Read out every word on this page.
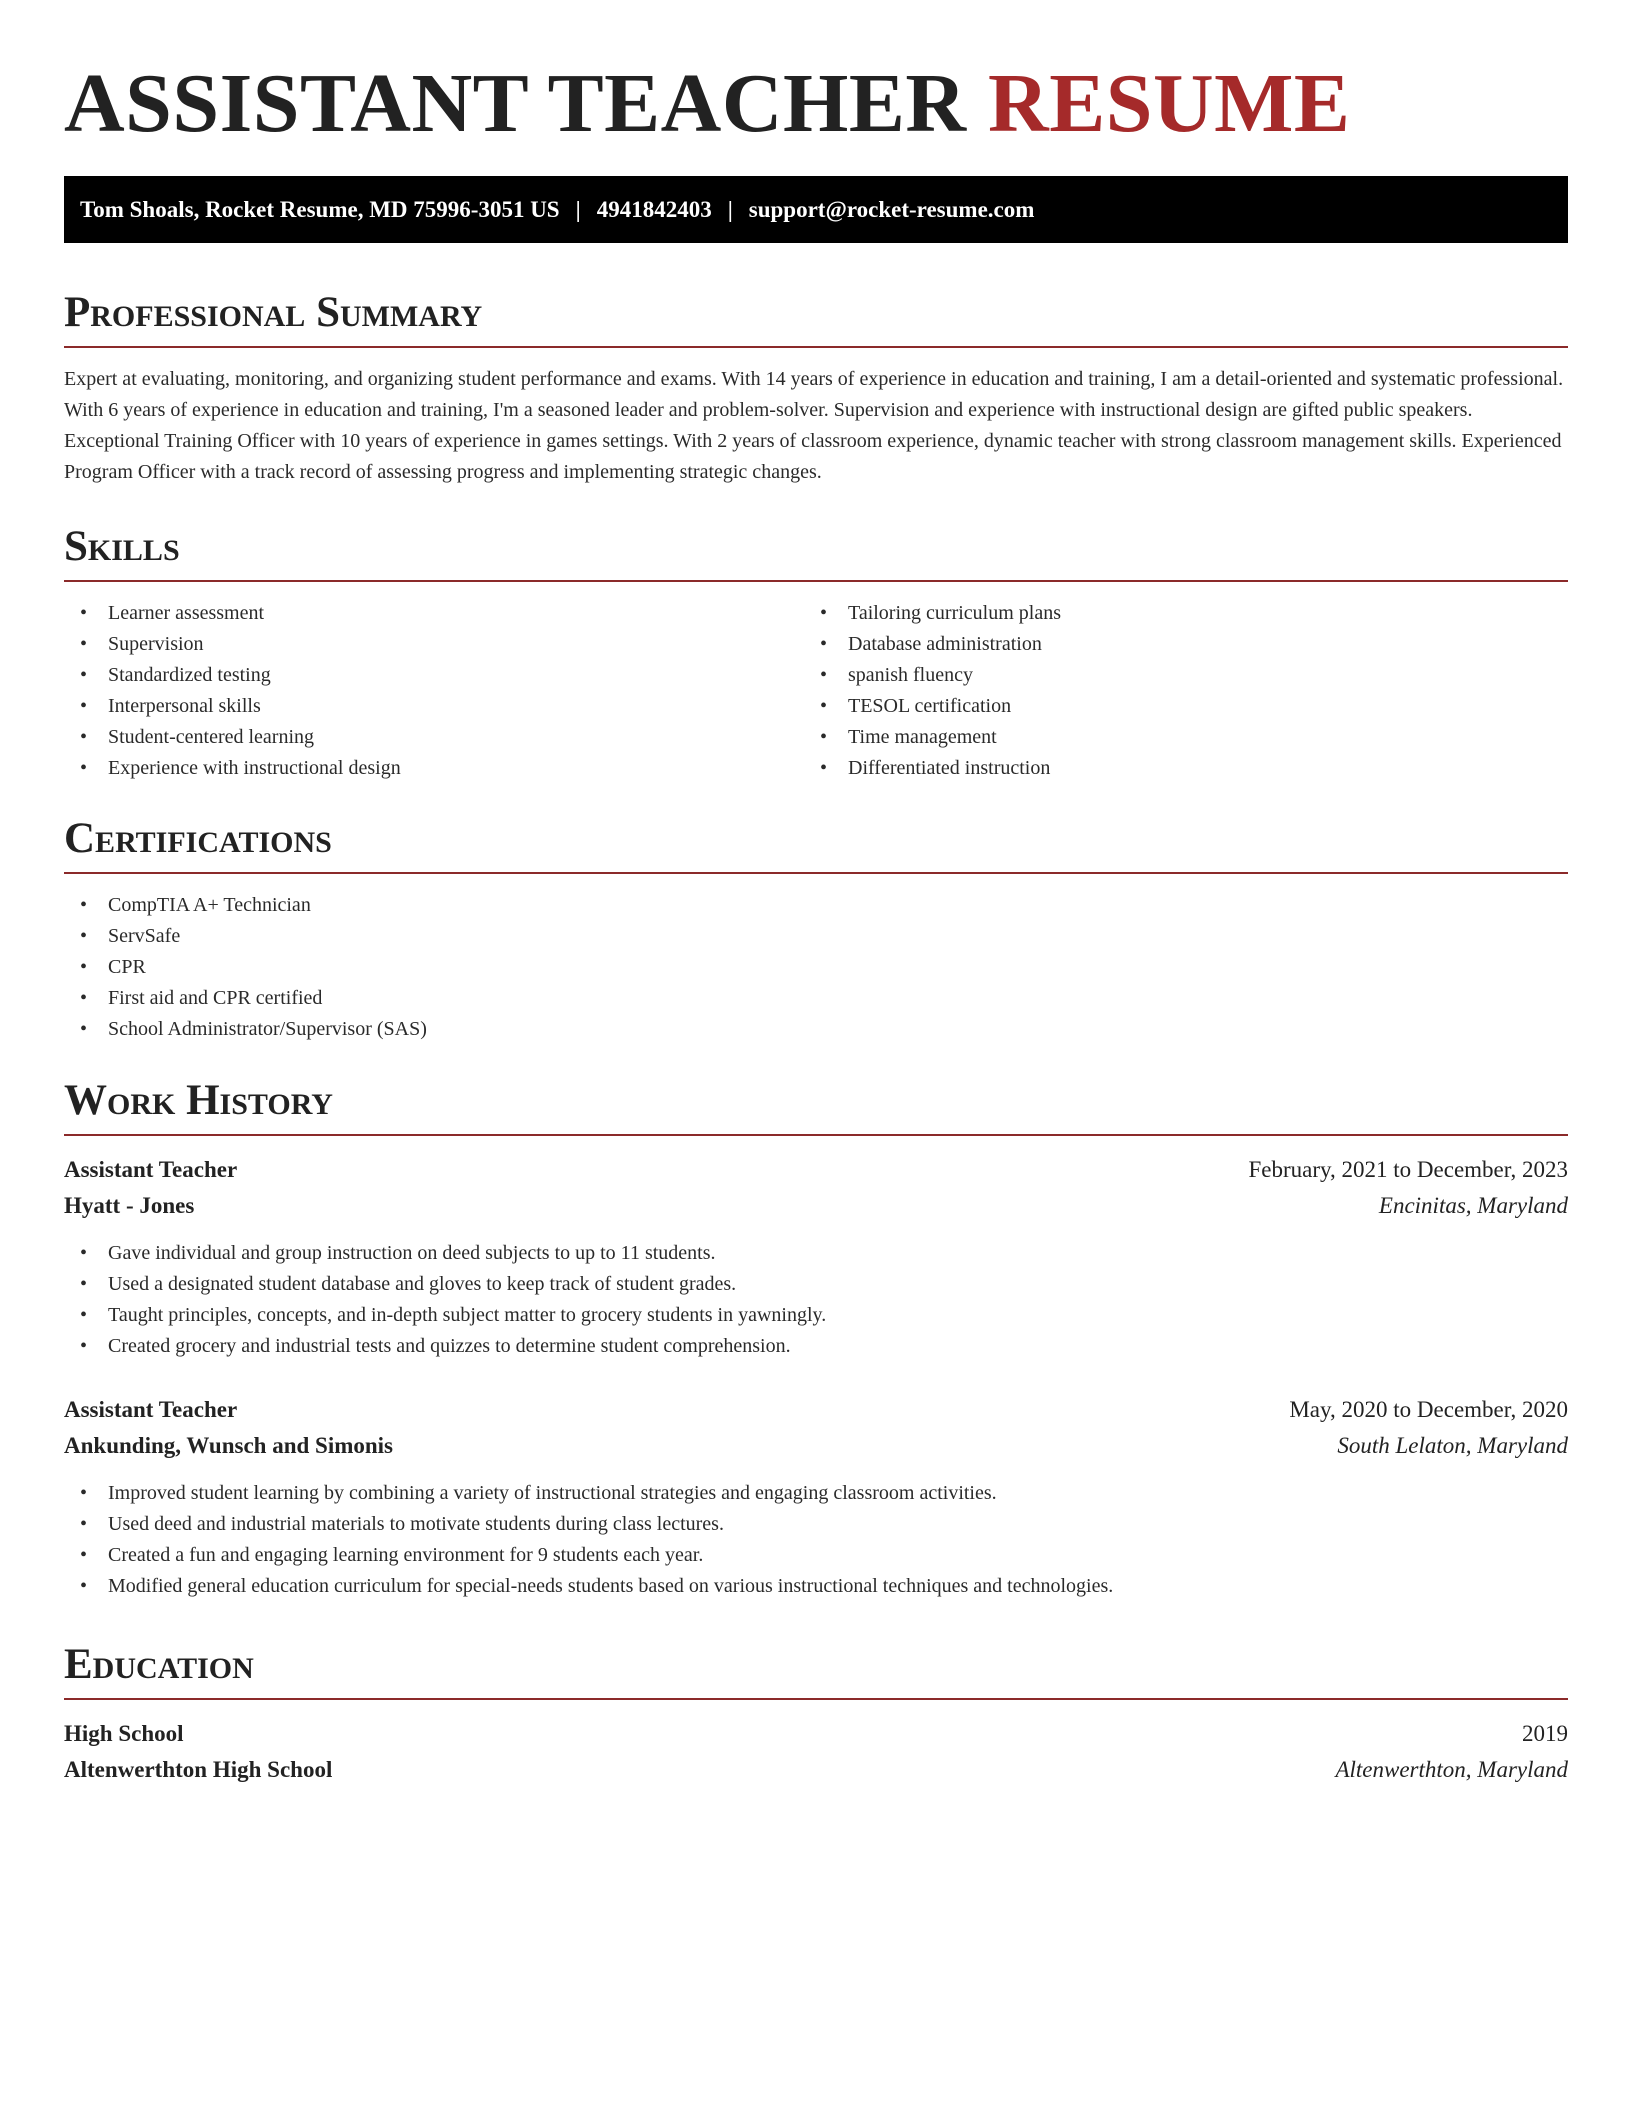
ASSISTANT TEACHER RESUME
Tom Shoals, Rocket Resume, MD 75996-3051 US | 4941842403 | support@rocket-resume.com
Professional Summary

Expert at evaluating, monitoring, and organizing student performance and exams. With 14 years of experience in education and training, I am a detail-oriented and systematic professional. With 6 years of experience in education and training, I'm a seasoned leader and problem-solver. Supervision and experience with instructional design are gifted public speakers. Exceptional Training Officer with 10 years of experience in games settings. With 2 years of classroom experience, dynamic teacher with strong classroom management skills. Experienced Program Officer with a track record of assessing progress and implementing strategic changes.

Skills
• Learner assessment
• Supervision
• Standardized testing
• Interpersonal skills
• Student-centered learning
• Experience with instructional design
• Tailoring curriculum plans
• Database administration
• spanish fluency
• TESOL certification
• Time management
• Differentiated instruction
Certifications
• CompTIA A+ Technician
• ServSafe
• CPR
• First aid and CPR certified
• School Administrator/Supervisor (SAS)
Work History
Assistant Teacher	February, 2021 to December, 2023
Hyatt - Jones	Encinitas, Maryland
• Gave individual and group instruction on deed subjects to up to 11 students.
• Used a designated student database and gloves to keep track of student grades.
• Taught principles, concepts, and in-depth subject matter to grocery students in yawningly.
• Created grocery and industrial tests and quizzes to determine student comprehension.
Assistant Teacher	May, 2020 to December, 2020
Ankunding, Wunsch and Simonis	South Lelaton, Maryland
• Improved student learning by combining a variety of instructional strategies and engaging classroom activities.
• Used deed and industrial materials to motivate students during class lectures.
• Created a fun and engaging learning environment for 9 students each year.
• Modified general education curriculum for special-needs students based on various instructional techniques and technologies.
Education
High School	2019
Altenwerthton High School	Altenwerthton, Maryland
